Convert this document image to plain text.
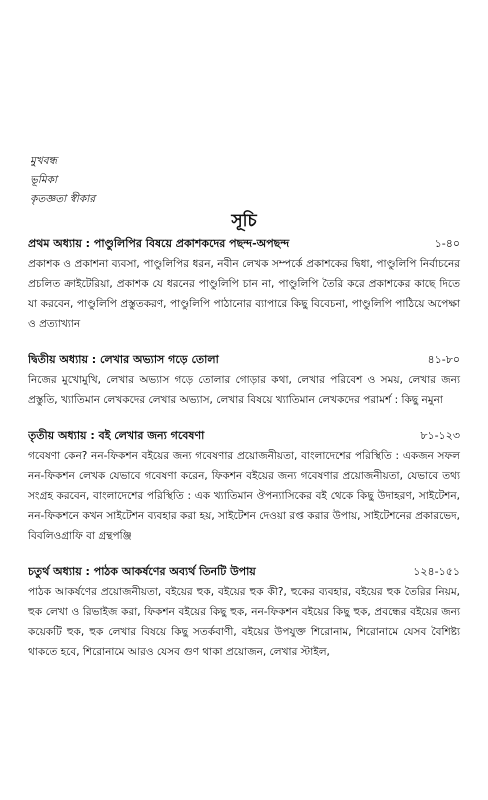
মুখবন্ধ
ভূমিকা
কৃতজ্ঞতা স্বীকার
সূচি
প্রথম অধ্যায় : পাণ্ডুলিপির বিষয়ে প্রকাশকদের পছন্দ-অপছন্দ	১-৪০
প্রকাশক ও প্রকাশনা ব্যবসা, পাণ্ডুলিপির ধরন, নবীন লেখক সম্পর্কে প্রকাশকের দ্বিধা, পাণ্ডুলিপি নির্বাচনের প্রচলিত ক্রাইটেরিয়া, প্রকাশক যে ধরনের পাণ্ডুলিপি চান না, পাণ্ডুলিপি তৈরি করে প্রকাশকের কাছে দিতে যা করবেন, পাণ্ডুলিপি প্রস্তুতকরণ, পাণ্ডুলিপি পাঠানোর ব্যাপারে কিছু বিবেচনা, পাণ্ডুলিপি পাঠিয়ে অপেক্ষা ও প্রত্যাখ্যান
দ্বিতীয় অধ্যায় : লেখার অভ্যাস গড়ে তোলা	৪১-৮০
নিজের মুখোমুখি, লেখার অভ্যাস গড়ে তোলার গোড়ার কথা, লেখার পরিবেশ ও সময়, লেখার জন্য প্রস্তুতি, খ্যাতিমান লেখকদের লেখার অভ্যাস, লেখার বিষয়ে খ্যাতিমান লেখকদের পরামর্শ : কিছু নমুনা
তৃতীয় অধ্যায় : বই লেখার জন্য গবেষণা	৮১-১২৩
গবেষণা কেন? নন-ফিকশন বইয়ের জন্য গবেষণার প্রয়োজনীয়তা, বাংলাদেশের পরিস্থিতি : একজন সফল নন-ফিকশন লেখক যেভাবে গবেষণা করেন, ফিকশন বইয়ের জন্য গবেষণার প্রয়োজনীয়তা, যেভাবে তথ্য সংগ্রহ করবেন, বাংলাদেশের পরিস্থিতি : এক খ্যাতিমান ঔপন্যাসিকের বই থেকে কিছু উদাহরণ, সাইটেশন, নন-ফিকশনে কখন সাইটেশন ব্যবহার করা হয়, সাইটেশন দেওয়া রপ্ত করার উপায়, সাইটেশনের প্রকারভেদ, বিবলিওগ্রাফি বা গ্রন্থপঞ্জি
চতুর্থ অধ্যায় : পাঠক আকর্ষণের অব্যর্থ তিনটি উপায়	১২৪-১৫১
পাঠক আকর্ষণের প্রয়োজনীয়তা, বইয়ের হুক, বইয়ের হুক কী?, হুকের ব্যবহার, বইয়ের হুক তৈরির নিয়ম, হুক লেখা ও রিভাইজ করা, ফিকশন বইয়ের কিছু হুক, নন-ফিকশন বইয়ের কিছু হুক, প্রবন্ধের বইয়ের জন্য কয়েকটি হুক, হুক লেখার বিষয়ে কিছু সতর্কবাণী, বইয়ের উপযুক্ত শিরোনাম, শিরোনামে যেসব বৈশিষ্ট্য থাকতে হবে, শিরোনামে আরও যেসব গুণ থাকা প্রয়োজন, লেখার স্টাইল,
